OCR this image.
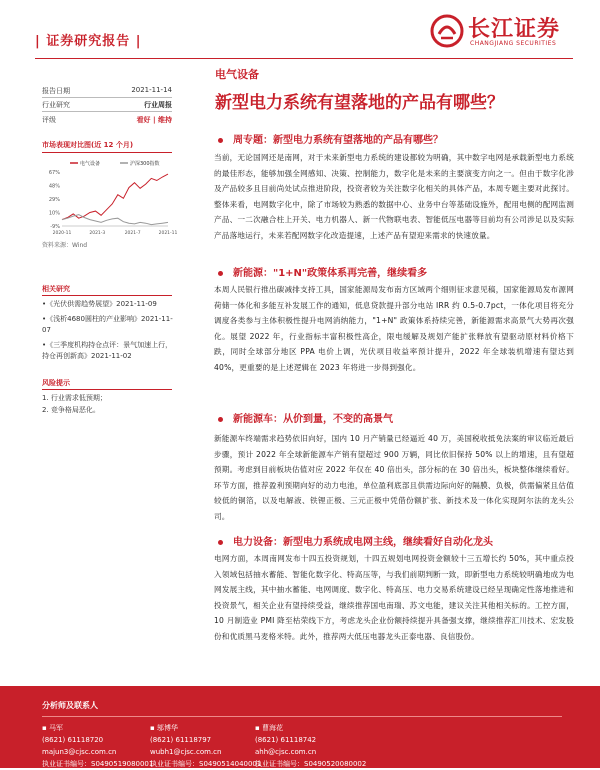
| 证券研究报告 |	长江证券
CHANGJIANG SECURITIES
报告日期	2021-11-14
行业研究	行业周报
评级	看好 | 维持
市场表现对比图(近 12 个月)
67%
48%
29%
10%
-9%
2020-11	2021-3	2021-7	2021-11
电气设备	沪深300指数
资料来源：Wind
相关研究
•《光伏供需趋势展望》2021-11-09
•《浅析4680圆柱的产业影响》2021-11-07
•《三季度机构持仓点评：景气加速上行，持仓再创新高》2021-11-02
风险提示
1. 行业需求低预期；
2. 竞争格局恶化。
电气设备
新型电力系统有望落地的产品有哪些？
周专题：新型电力系统有望落地的产品有哪些？
当前，无论国网还是南网，对于未来新型电力系统的建设都较为明确，其中数字电网是承载新型电力系统的最佳形态，能够加强全网感知、决策、控制能力，数字化是未来的主要演变方向之一。但由于数字化涉及产品较多且目前尚处试点推进阶段，投资者较为关注数字化相关的具体产品，本周专题主要对此探讨。整体来看，电网数字化中，除了市场较为熟悉的数据中心、业务中台等基础设施外，配用电侧的配网监测产品、一二次融合柱上开关、电力机器人、新一代物联电表、智能低压电器等目前均有公司涉足以及实际产品落地运行，未来若配网数字化改造提速，上述产品有望迎来需求的快速放量。
新能源："1+N"政策体系再完善，继续看多
本周人民银行推出碳减排支持工具，国家能源局发布南方区域两个细则征求意见稿，国家能源局发布源网荷储一体化和多能互补发展工作的通知，低息贷款提升部分电站 IRR 约 0.5-0.7pct，一体化项目将充分调度各类参与主体积极性提升电网消纳能力，"1+N" 政策体系持续完善，新能源需求高景气大势再次强化。展望 2022 年，行业指标丰富积极性高企，限电缓解及规划产能扩张释放有望驱动原材料价格下跌，同时全球部分地区 PPA 电价上调，光伏项目收益率预计提升，2022 年全球装机增速有望达到 40%，更重要的是上述逻辑在 2023 年将进一步得到强化。
新能源车：从价到量，不变的高景气
新能源车终端需求趋势依旧向好，国内 10 月产销量已经逼近 40 万，美国税收抵免法案的审议临近最后步骤，预计 2022 年全球新能源车产销有望超过 900 万辆，同比依旧保持 50% 以上的增速，且有望超预期。考虑到目前板块估值对应 2022 年仅在 40 倍出头，部分标的在 30 倍出头，板块整体继续看好。环节方面，推荐盈利预期向好的动力电池，单位盈利底部且供需边际向好的隔膜、负极，供需偏紧且估值较低的铜箔，以及电解液、铁锂正极、三元正极中凭借份额扩张、新技术及一体化实现阿尔法的龙头公司。
电力设备：新型电力系统成电网主线，继续看好自动化龙头
电网方面，本周南网发布十四五投资规划，十四五规划电网投资金额较十三五增长约 50%，其中重点投入领域包括抽水蓄能、智能化数字化、特高压等，与我们前期判断一致，即新型电力系统较明确地成为电网发展主线，其中抽水蓄能、电网调度、数字化、特高压、电力交易系统建设已经呈现确定性落地推进和投资景气，相关企业有望持续受益，继续推荐国电南瑞、苏文电能，建议关注其他相关标的。工控方面，10 月制造业 PMI 降至枯荣线下方，考虑龙头企业份额持续提升具备强支撑，继续推荐汇川技术、宏发股份和优质黑马麦格米特。此外，推荐两大低压电器龙头正泰电器、良信股份。
分析师及联系人
▪ 马军
(8621) 61118720
majun3@cjsc.com.cn
执业证书编号：S0490519080001
▪ 邬博华
(8621) 61118797
wubh1@cjsc.com.cn
执业证书编号：S0490514040001
▪ 曹海花
(8621) 61118742
ahh@cjsc.com.cn
执业证书编号：S0490520080002
